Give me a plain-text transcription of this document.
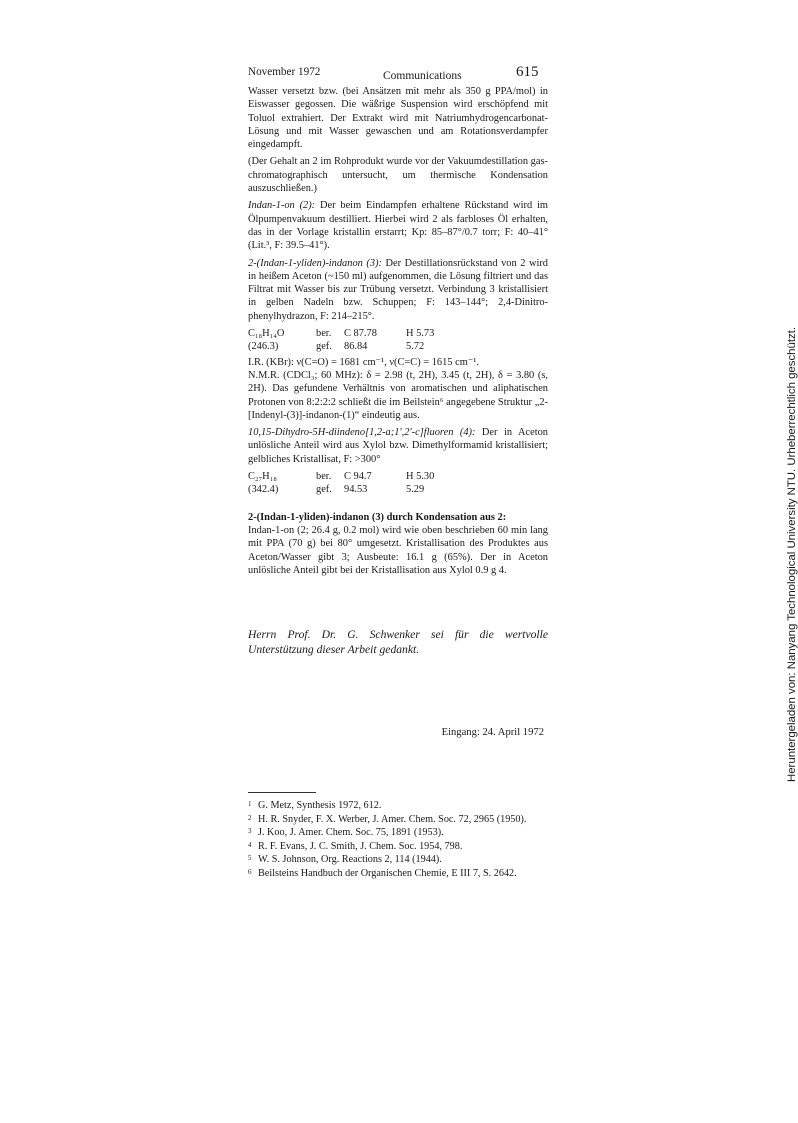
November 1972	Communications	615

Wasser versetzt bzw. (bei Ansätzen mit mehr als 350 g PPA/mol) in Eiswasser gegossen. Die wäßrige Suspension wird erschöpfend mit Toluol extrahiert. Der Extrakt wird mit Natriumhydrogencarbonat-Lösung und mit Wasser gewaschen und am Rotationsverdampfer eingedampft.

(Der Gehalt an 2 im Rohprodukt wurde vor der Vakuumdestillation gas-chromatographisch untersucht, um thermische Kondensation auszuschließen.)

Indan-1-on (2): Der beim Eindampfen erhaltene Rückstand wird im Ölpumpenvakuum destilliert. Hierbei wird 2 als farbloses Öl erhalten, das in der Vorlage kristallin erstarrt; Kp: 85–87°/0.7 torr; F: 40–41° (Lit.³, F: 39.5–41°).

2-(Indan-1-yliden)-indanon (3): Der Destillationsrückstand von 2 wird in heißem Aceton (~150 ml) aufgenommen, die Lösung filtriert und das Filtrat mit Wasser bis zur Trübung versetzt. Verbindung 3 kristallisiert in gelben Nadeln bzw. Schuppen; F: 143–144°; 2,4-Dinitro-phenylhydrazon, F: 214–215°.

C₁₈H₁₄O	ber.	C 87.78	H 5.73
(246.3)	gef.	86.84	5.72

I.R. (KBr): ν(C=O) = 1681 cm⁻¹, ν(C=C) = 1615 cm⁻¹.

N.M.R. (CDCl₃; 60 MHz): δ = 2.98 (t, 2H), 3.45 (t, 2H), δ = 3.80 (s, 2H). Das gefundene Verhältnis von aromatischen und aliphatischen Protonen von 8:2:2:2 schließt die im Beilstein⁶ angegebene Struktur „2-[Indenyl-(3)]-indanon-(1)“ eindeutig aus.

10,15-Dihydro-5H-diindeno[1,2-a;1',2'-c]fluoren (4): Der in Aceton unlösliche Anteil wird aus Xylol bzw. Dimethylformamid kristallisiert; gelbliches Kristallisat, F: >300°

C₂₇H₁₈	ber.	C 94.7	H 5.30
(342.4)	gef.	94.53	5.29

2-(Indan-1-yliden)-indanon (3) durch Kondensation aus 2:

Indan-1-on (2; 26.4 g, 0.2 mol) wird wie oben beschrieben 60 min lang mit PPA (70 g) bei 80° umgesetzt. Kristallisation des Produktes aus Aceton/Wasser gibt 3; Ausbeute: 16.1 g (65%). Der in Aceton unlösliche Anteil gibt bei der Kristallisation aus Xylol 0.9 g 4.

Herrn Prof. Dr. G. Schwenker sei für die wertvolle Unterstützung dieser Arbeit gedankt.
Eingang: 24. April 1972
1 G. Metz, Synthesis 1972, 612.
2 H. R. Snyder, F. X. Werber, J. Amer. Chem. Soc. 72, 2965 (1950).
3 J. Koo, J. Amer. Chem. Soc. 75, 1891 (1953).
4 R. F. Evans, J. C. Smith, J. Chem. Soc. 1954, 798.
5 W. S. Johnson, Org. Reactions 2, 114 (1944).
6 Beilsteins Handbuch der Organischen Chemie, E III 7, S. 2642.
Heruntergeladen von: Nanyang Technological University NTU. Urheberrechtlich geschützt.
